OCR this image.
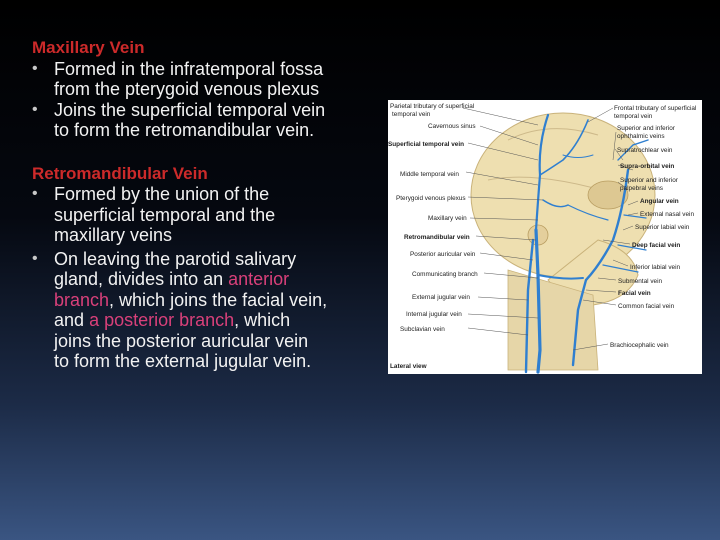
Maxillary Vein
• Formed in the infratemporal fossa
from the pterygoid venous plexus
• Joins the superficial temporal vein
to form the retromandibular vein.
Retromandibular Vein
• Formed by the union of the
superficial temporal and the
maxillary veins
• On leaving the parotid salivary
gland, divides into an anterior
branch, which joins the facial vein,
and a posterior branch, which
joins the posterior auricular vein
to form the external jugular vein.
Parietal tributary of superficial
temporal vein
Cavernous sinus
Superficial temporal vein
Middle temporal vein
Pterygoid venous plexus
Maxillary vein
Retromandibular vein
Posterior auricular vein
Communicating branch
External jugular vein
Internal jugular vein
Subclavian vein
Lateral view
Frontal tributary of superficial
temporal vein
Superior and inferior
ophthalmic veins
Supratrochlear vein
Supra-orbital vein
Superior and inferior
palpebral veins
Angular vein
External nasal vein
Superior labial vein
Deep facial vein
Inferior labial vein
Submental vein
Facial vein
Common facial vein
Brachiocephalic vein
